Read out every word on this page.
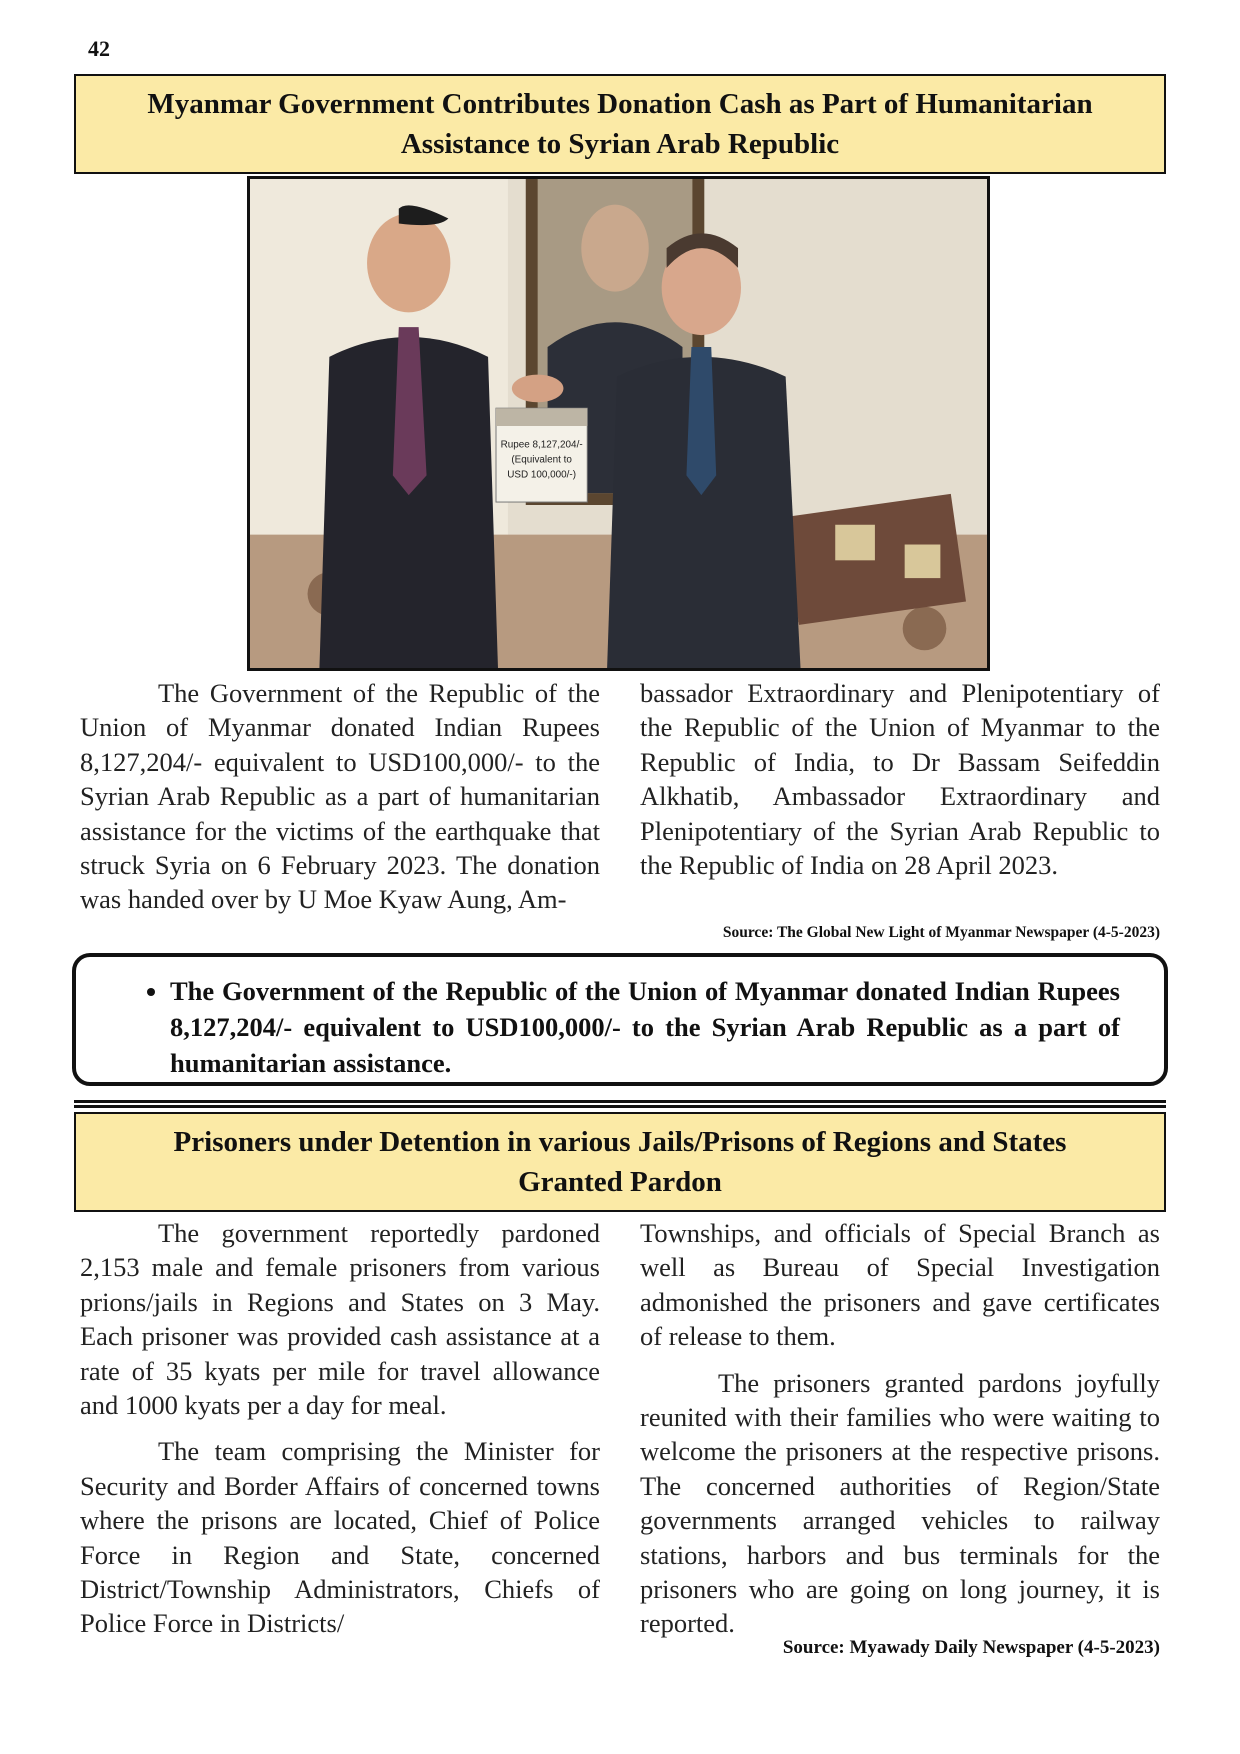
42
Myanmar Government Contributes Donation Cash as Part of Humanitarian
Assistance to Syrian Arab Republic
Rupee 8,127,204/-
(Equivalent to
USD 100,000/-)

The Government of the Republic of the Union of Myanmar donated Indian Rupees 8,127,204/- equivalent to USD100,000/- to the Syrian Arab Republic as a part of humanitarian assistance for the victims of the earthquake that struck Syria on 6 February 2023. The donation was handed over by U Moe Kyaw Aung, Am-

bassador Extraordinary and Plenipotentiary of the Republic of the Union of Myanmar to the Republic of India, to Dr Bassam Seifeddin Alkhatib, Ambassador Extraordinary and Plenipotentiary of the Syrian Arab Republic to the Republic of India on 28 April 2023.

Source: The Global New Light of Myanmar Newspaper (4-5-2023)
• The Government of the Republic of the Union of Myanmar donated Indian Rupees 8,127,204/- equivalent to USD100,000/- to the Syrian Arab Republic as a part of humanitarian assistance.
Prisoners under Detention in various Jails/Prisons of Regions and States
Granted Pardon

The government reportedly pardoned 2,153 male and female prisoners from various prions/jails in Regions and States on 3 May. Each prisoner was provided cash assistance at a rate of 35 kyats per mile for travel allowance and 1000 kyats per a day for meal.

The team comprising the Minister for Security and Border Affairs of concerned towns where the prisons are located, Chief of Police Force in Region and State, concerned District/Township Administrators, Chiefs of Police Force in Districts/

Townships, and officials of Special Branch as well as Bureau of Special Investigation admonished the prisoners and gave certificates of release to them.

The prisoners granted pardons joyfully reunited with their families who were waiting to welcome the prisoners at the respective prisons. The concerned authorities of Region/State governments arranged vehicles to railway stations, harbors and bus terminals for the prisoners who are going on long journey, it is reported.

Source: Myawady Daily Newspaper (4-5-2023)
